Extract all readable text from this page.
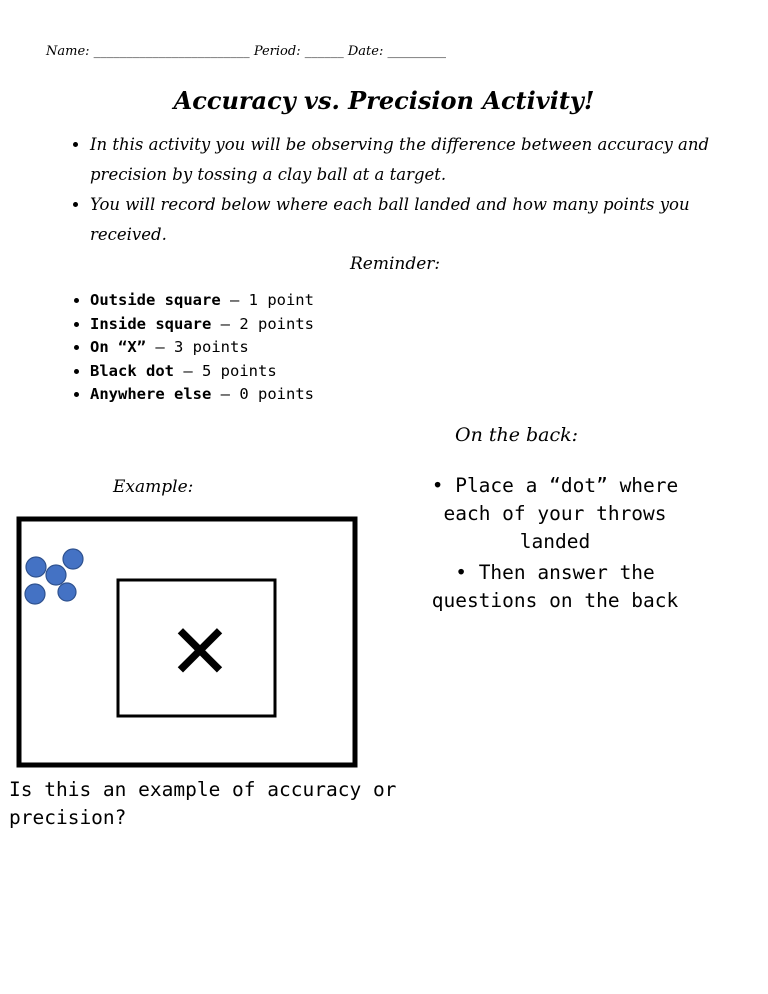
Name: ________________________ Period: ______ Date: _________
Accuracy vs. Precision Activity!
• In this activity you will be observing the difference between accuracy and precision by tossing a clay ball at a target.
• You will record below where each ball landed and how many points you received.
Reminder:
• Outside square – 1 point
• Inside square – 2 points
• On “X” – 3 points
• Black dot – 5 points
• Anywhere else – 0 points
On the back:

• Place a “dot” where each of your throws landed

• Then answer the questions on the back

Example:
✕
Is this an example of accuracy or precision?
